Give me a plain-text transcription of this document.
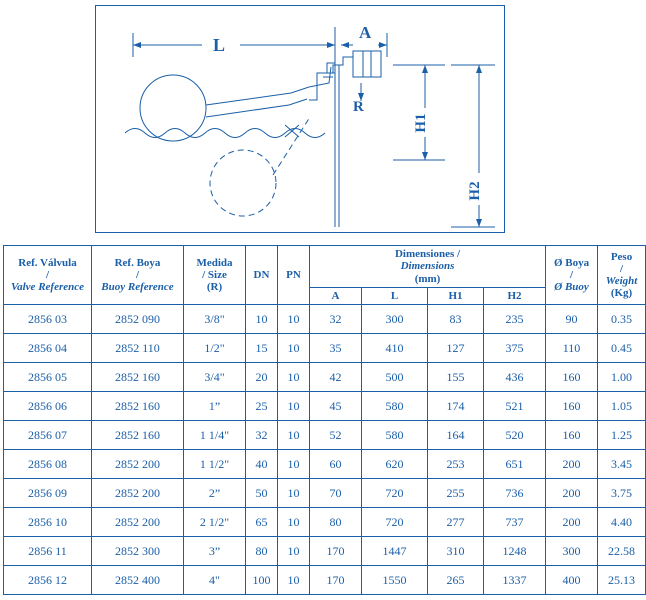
L
A
R
H1
H2
Ref. Válvula
/
Valve Reference	Ref. Boya
/
Buoy Reference	Medida
/ Size
(R)	DN	PN	Dimensiones /
Dimensions
(mm)				Ø Boya
/
Ø Buoy	Peso
/
Weight
(Kg)

					A	L	H1	H2		
2856 03	2852 090	3/8"	10	10	32	300	83	235	90	0.35
2856 04	2852 110	1/2"	15	10	35	410	127	375	110	0.45
2856 05	2852 160	3/4"	20	10	42	500	155	436	160	1.00
2856 06	2852 160	1”	25	10	45	580	174	521	160	1.05
2856 07	2852 160	1 1/4"	32	10	52	580	164	520	160	1.25
2856 08	2852 200	1 1/2"	40	10	60	620	253	651	200	3.45
2856 09	2852 200	2”	50	10	70	720	255	736	200	3.75
2856 10	2852 200	2 1/2"	65	10	80	720	277	737	200	4.40
2856 11	2852 300	3”	80	10	170	1447	310	1248	300	22.58
2856 12	2852 400	4"	100	10	170	1550	265	1337	400	25.13
